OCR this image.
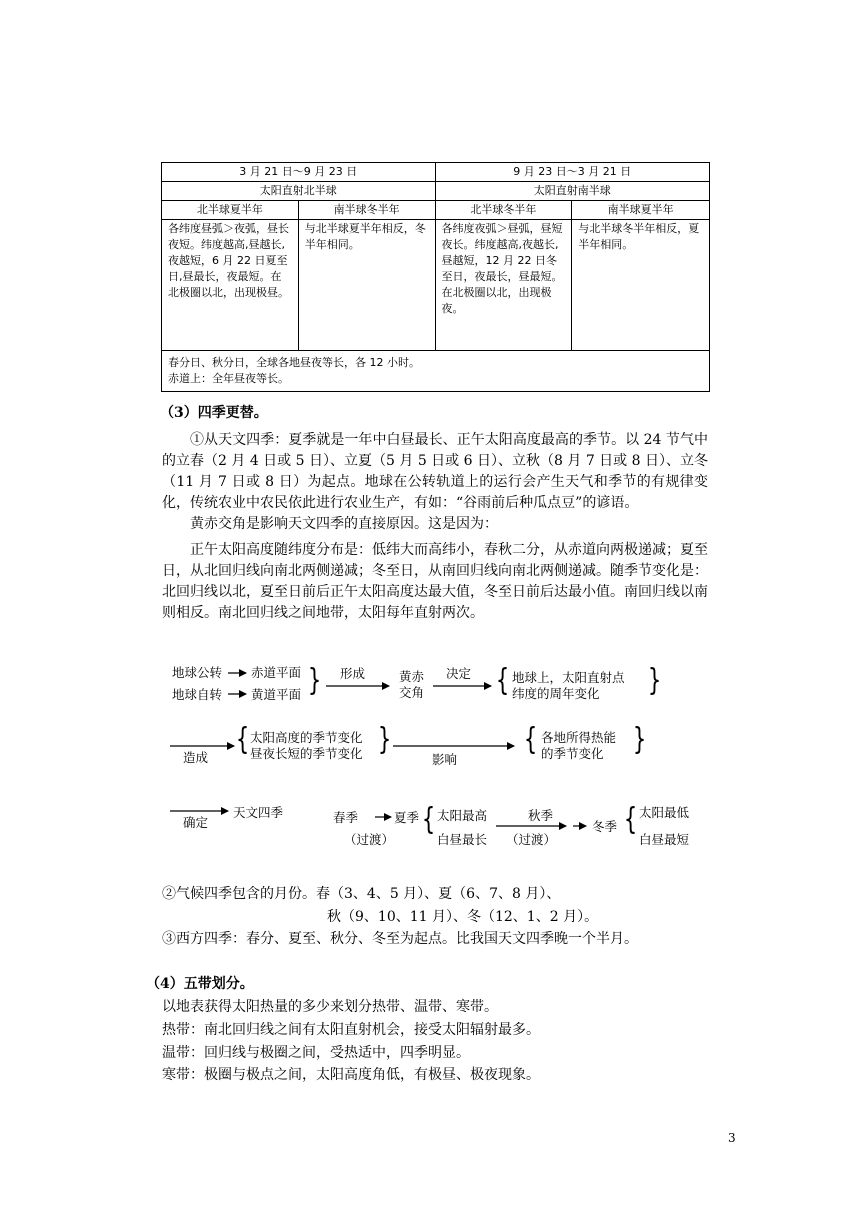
3 月 21 日～9 月 23 日		9 月 23 日～3 月 21 日	
太阳直射北半球		太阳直射南半球	
北半球夏半年	南半球冬半年	北半球冬半年	南半球夏半年
各纬度昼弧＞夜弧，昼长夜短。纬度越高,昼越长,夜越短，6 月 22 日夏至日,昼最长，夜最短。在北极圈以北，出现极昼。	与北半球夏半年相反，冬半年相同。	各纬度夜弧＞昼弧，昼短夜长。纬度越高,夜越长,昼越短，12 月 22 日冬至日，夜最长，昼最短。在北极圈以北，出现极夜。	与北半球冬半年相反，夏半年相同。

春分日、秋分日，全球各地昼夜等长，各 12 小时。
赤道上：全年昼夜等长。			
（3）四季更替。
①从天文四季：夏季就是一年中白昼最长、正午太阳高度最高的季节。以 24 节气中的立春（2 月 4 日或 5 日）、立夏（5 月 5 日或 6 日）、立秋（8 月 7 日或 8 日）、立冬（11 月 7 日或 8 日）为起点。地球在公转轨道上的运行会产生天气和季节的有规律变化，传统农业中农民依此进行农业生产，有如：“谷雨前后种瓜点豆”的谚语。
黄赤交角是影响天文四季的直接原因。这是因为：
正午太阳高度随纬度分布是：低纬大而高纬小，春秋二分，从赤道向两极递减；夏至日，从北回归线向南北两侧递减；冬至日，从南回归线向南北两侧递减。随季节变化是：北回归线以北，夏至日前后正午太阳高度达最大值，冬至日前后达最小值。南回归线以南则相反。南北回归线之间地带，太阳每年直射两次。
地球公转 赤道平面
地球自转 黄道平面 } 形成	黄赤
交角
决定 { 地球上，太阳直射点
纬度的周年变化 }
造成
{ 太阳高度的季节变化
昼夜长短的季节变化 }
影响
{ 各地所得热能
的季节变化 }
确定
天文四季	春季	夏季
（过渡）
{ 太阳最高
白昼最长
秋季
（过渡）
冬季 { 太阳最低
白昼最短
②气候四季包含的月份。春（3、4、5 月）、夏（6、7、8 月）、
秋（9、10、11 月）、冬（12、1、2 月）。
③西方四季：春分、夏至、秋分、冬至为起点。比我国天文四季晚一个半月。
（4）五带划分。
以地表获得太阳热量的多少来划分热带、温带、寒带。
热带：南北回归线之间有太阳直射机会，接受太阳辐射最多。
温带：回归线与极圈之间，受热适中，四季明显。
寒带：极圈与极点之间，太阳高度角低，有极昼、极夜现象。
3
